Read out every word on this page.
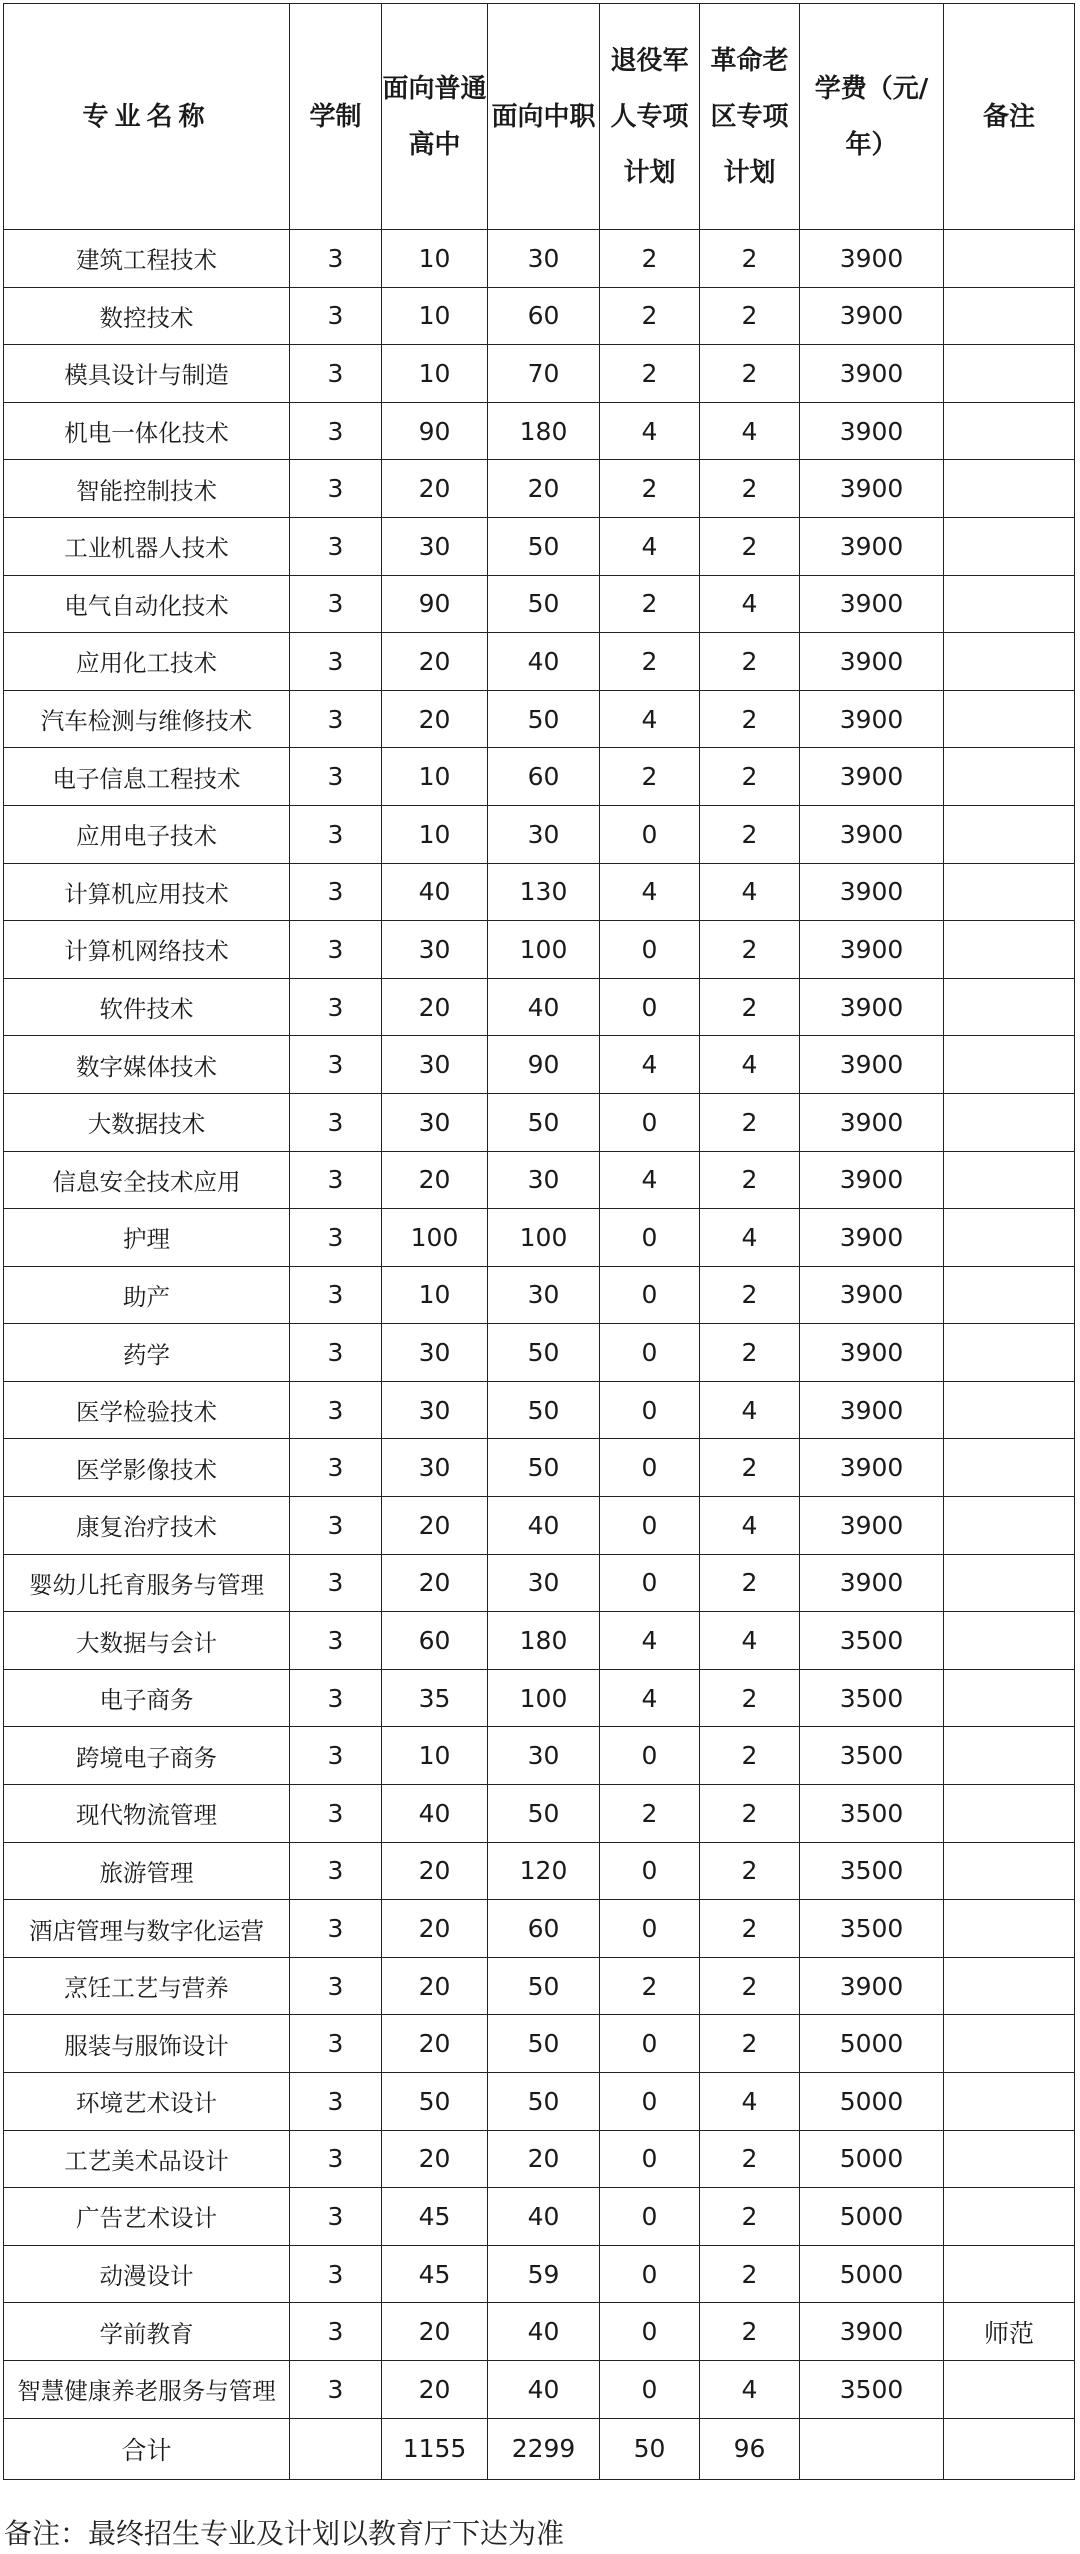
专业名称	学制	面向普通高中	面向中职	退役军人专项计划	革命老区专项计划	学费（元/年）	备注
建筑工程技术	3	10	30	2	2	3900	
数控技术	3	10	60	2	2	3900	
模具设计与制造	3	10	70	2	2	3900	
机电一体化技术	3	90	180	4	4	3900	
智能控制技术	3	20	20	2	2	3900	
工业机器人技术	3	30	50	4	2	3900	
电气自动化技术	3	90	50	2	4	3900	
应用化工技术	3	20	40	2	2	3900	
汽车检测与维修技术	3	20	50	4	2	3900	
电子信息工程技术	3	10	60	2	2	3900	
应用电子技术	3	10	30	0	2	3900	
计算机应用技术	3	40	130	4	4	3900	
计算机网络技术	3	30	100	0	2	3900	
软件技术	3	20	40	0	2	3900	
数字媒体技术	3	30	90	4	4	3900	
大数据技术	3	30	50	0	2	3900	
信息安全技术应用	3	20	30	4	2	3900	
护理	3	100	100	0	4	3900	
助产	3	10	30	0	2	3900	
药学	3	30	50	0	2	3900	
医学检验技术	3	30	50	0	4	3900	
医学影像技术	3	30	50	0	2	3900	
康复治疗技术	3	20	40	0	4	3900	
婴幼儿托育服务与管理	3	20	30	0	2	3900	
大数据与会计	3	60	180	4	4	3500	
电子商务	3	35	100	4	2	3500	
跨境电子商务	3	10	30	0	2	3500	
现代物流管理	3	40	50	2	2	3500	
旅游管理	3	20	120	0	2	3500	
酒店管理与数字化运营	3	20	60	0	2	3500	
烹饪工艺与营养	3	20	50	2	2	3900	
服装与服饰设计	3	20	50	0	2	5000	
环境艺术设计	3	50	50	0	4	5000	
工艺美术品设计	3	20	20	0	2	5000	
广告艺术设计	3	45	40	0	2	5000	
动漫设计	3	45	59	0	2	5000	
学前教育	3	20	40	0	2	3900	师范
智慧健康养老服务与管理	3	20	40	0	4	3500	
合计		1155	2299	50	96		
备注：最终招生专业及计划以教育厅下达为准
